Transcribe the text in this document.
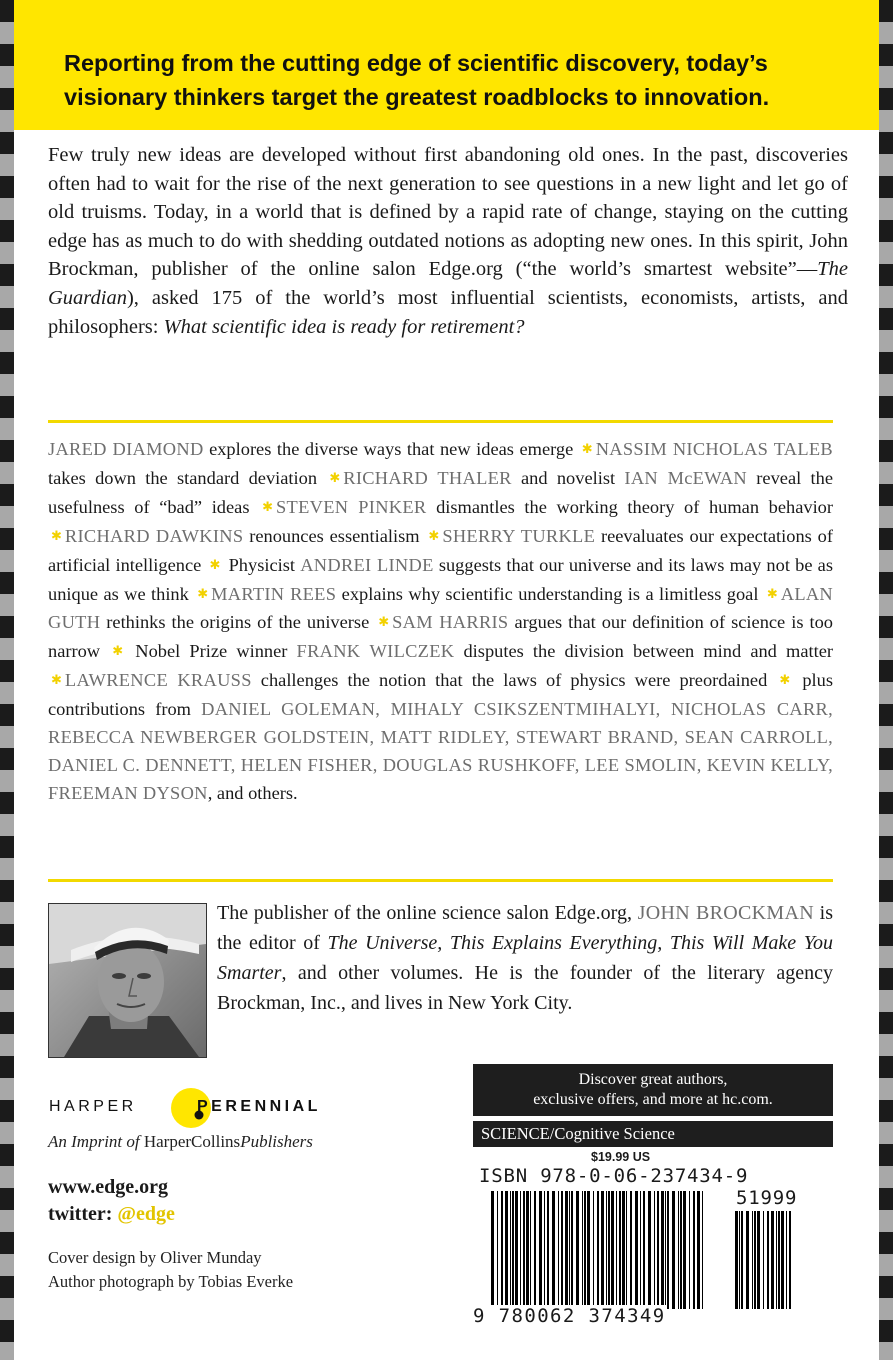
Reporting from the cutting edge of scientific discovery, today’s
visionary thinkers target the greatest roadblocks to innovation.

Few truly new ideas are developed without first abandoning old ones. In the past, discoveries often had to wait for the rise of the next generation to see questions in a new light and let go of old truisms. Today, in a world that is defined by a rapid rate of change, staying on the cutting edge has as much to do with shedding outdated notions as adopting new ones. In this spirit, John Brockman, publisher of the online salon Edge.org (“the world’s smartest website”—The Guardian), asked 175 of the world’s most influential scientists, economists, artists, and philosophers: What scientific idea is ready for retirement?

JARED DIAMOND explores the diverse ways that new ideas emerge ✱ NASSIM NICHOLAS TALEB takes down the standard deviation ✱ RICHARD THALER and novelist IAN McEWAN reveal the usefulness of “bad” ideas ✱ STEVEN PINKER dismantles the working theory of human behavior ✱ RICHARD DAWKINS renounces essentialism ✱ SHERRY TURKLE reevaluates our expectations of artificial intelligence ✱ Physicist ANDREI LINDE suggests that our universe and its laws may not be as unique as we think ✱ MARTIN REES explains why scientific understanding is a limitless goal ✱ ALAN GUTH rethinks the origins of the universe ✱ SAM HARRIS argues that our definition of science is too narrow ✱ Nobel Prize winner FRANK WILCZEK disputes the division between mind and matter ✱ LAWRENCE KRAUSS challenges the notion that the laws of physics were preordained ✱ plus contributions from DANIEL GOLEMAN, MIHALY CSIKSZENTMIHALYI, NICHOLAS CARR, REBECCA NEWBERGER GOLDSTEIN, MATT RIDLEY, STEWART BRAND, SEAN CARROLL, DANIEL C. DENNETT, HELEN FISHER, DOUGLAS RUSHKOFF, LEE SMOLIN, KEVIN KELLY, FREEMAN DYSON, and others.

The publisher of the online science salon Edge.org, JOHN BROCKMAN is the editor of The Universe, This Explains Everything, This Will Make You Smarter, and other volumes. He is the founder of the literary agency Brockman, Inc., and lives in New York City.

HARPER	PERENNIAL
An Imprint of HarperCollinsPublishers
www.edge.org
twitter: @edge
Cover design by Oliver Munday
Author photograph by Tobias Everke
Discover great authors,
exclusive offers, and more at hc.com.
SCIENCE/Cognitive Science
$19.99 US
ISBN 978-0-06-237434-9
51999
9 780062 374349
